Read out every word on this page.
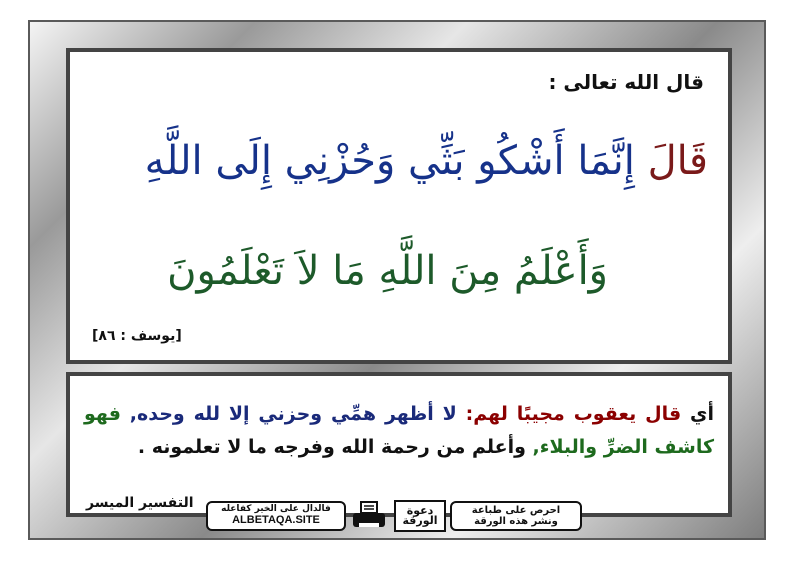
قال الله تعالى :
قَالَ إِنَّمَا أَشْكُو بَثِّي وَحُزْنِي إِلَى اللَّهِ
وَأَعْلَمُ مِنَ اللَّهِ مَا لاَ تَعْلَمُونَ
[يوسف : ٨٦]
أي قال يعقوب مجيبًا لهم: لا أظهر همِّي وحزني إلا لله وحده, فهو كاشف الضرِّ والبلاء, وأعلم من رحمة الله وفرجه ما لا تعلمونه .
التفسير الميسر	فالدال على الخير كفاعله
ALBETAQA.SITE
دعوة الورقة
احرص على طباعة
ونشر هذه الورقة
